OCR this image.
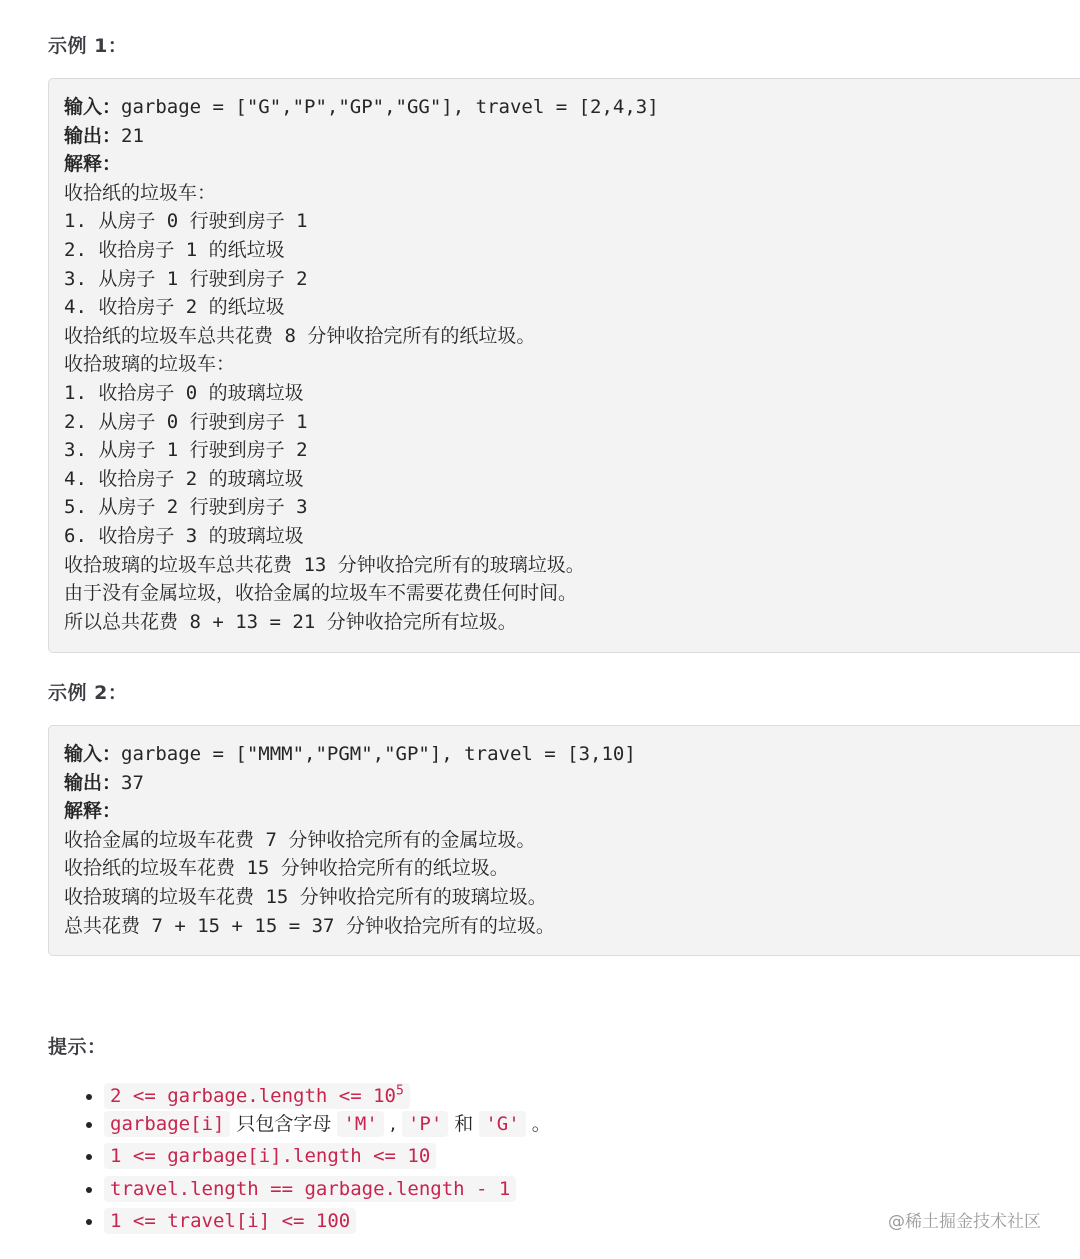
示例 1：
输入：garbage = ["G","P","GP","GG"], travel = [2,4,3]
输出：21
解释：
收拾纸的垃圾车：
1. 从房子 0 行驶到房子 1
2. 收拾房子 1 的纸垃圾
3. 从房子 1 行驶到房子 2
4. 收拾房子 2 的纸垃圾
收拾纸的垃圾车总共花费 8 分钟收拾完所有的纸垃圾。
收拾玻璃的垃圾车：
1. 收拾房子 0 的玻璃垃圾
2. 从房子 0 行驶到房子 1
3. 从房子 1 行驶到房子 2
4. 收拾房子 2 的玻璃垃圾
5. 从房子 2 行驶到房子 3
6. 收拾房子 3 的玻璃垃圾
收拾玻璃的垃圾车总共花费 13 分钟收拾完所有的玻璃垃圾。
由于没有金属垃圾，收拾金属的垃圾车不需要花费任何时间。
所以总共花费 8 + 13 = 21 分钟收拾完所有垃圾。
示例 2：
输入：garbage = ["MMM","PGM","GP"], travel = [3,10]
输出：37
解释：
收拾金属的垃圾车花费 7 分钟收拾完所有的金属垃圾。
收拾纸的垃圾车花费 15 分钟收拾完所有的纸垃圾。
收拾玻璃的垃圾车花费 15 分钟收拾完所有的玻璃垃圾。
总共花费 7 + 15 + 15 = 37 分钟收拾完所有的垃圾。
提示：
• 2 <= garbage.length <= $10^5$
• garbage[i] 只包含字母 'M' , 'P' 和 'G' 。
• 1 <= garbage[i].length <= 10
• travel.length == garbage.length - 1
• 1 <= travel[i] <= 100	@稀土掘金技术社区
